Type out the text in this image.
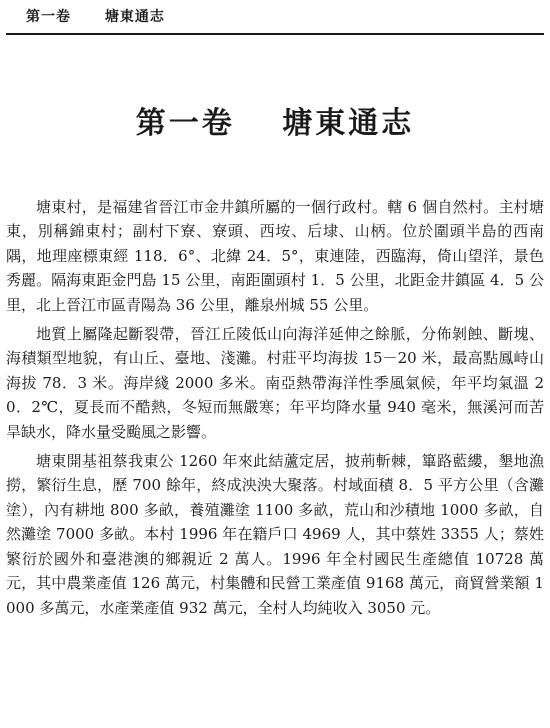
第一卷 塘東通志
第一卷 塘東通志

塘東村，是福建省晉江市金井鎮所屬的一個行政村。轄 6 個自然村。主村塘東，別稱錦東村；副村下寮、寮頭、西垵、后埭、山柄。位於圍頭半島的西南隅，地理座標東經 118．6°、北緯 24．5°，東連陸，西臨海，倚山望洋，景色秀麗。隔海東距金門島 15 公里，南距圍頭村 1．5 公里，北距金井鎮區 4．5 公里，北上晉江市區青陽為 36 公里，離泉州城 55 公里。

地質上屬隆起斷裂帶，晉江丘陵低山向海洋延伸之餘脈，分佈剝蝕、斷塊、海積類型地貌，有山丘、臺地、淺灘。村莊平均海拔 15－20 米，最高點鳳峙山海拔 78．3 米。海岸綫 2000 多米。南亞熱帶海洋性季風氣候，年平均氣溫 20．2℃，夏長而不酷熱，冬短而無嚴寒；年平均降水量 940 毫米，無溪河而苦旱缺水，降水量受颱風之影響。

塘東開基祖蔡我東公 1260 年來此結蘆定居，披荊斬棘，篳路藍縷，墾地漁撈，繁衍生息，歷 700 餘年，終成泱泱大聚落。村域面積 8．5 平方公里（含灘塗），內有耕地 800 多畝，養殖灘塗 1100 多畝，荒山和沙積地 1000 多畝，自然灘塗 7000 多畝。本村 1996 年在籍戶口 4969 人，其中蔡姓 3355 人；蔡姓繁衍於國外和臺港澳的鄉親近 2 萬人。1996 年全村國民生產總值 10728 萬元，其中農業產值 126 萬元，村集體和民營工業產值 9168 萬元，商貿營業額 1000 多萬元，水產業產值 932 萬元，全村人均純收入 3050 元。
